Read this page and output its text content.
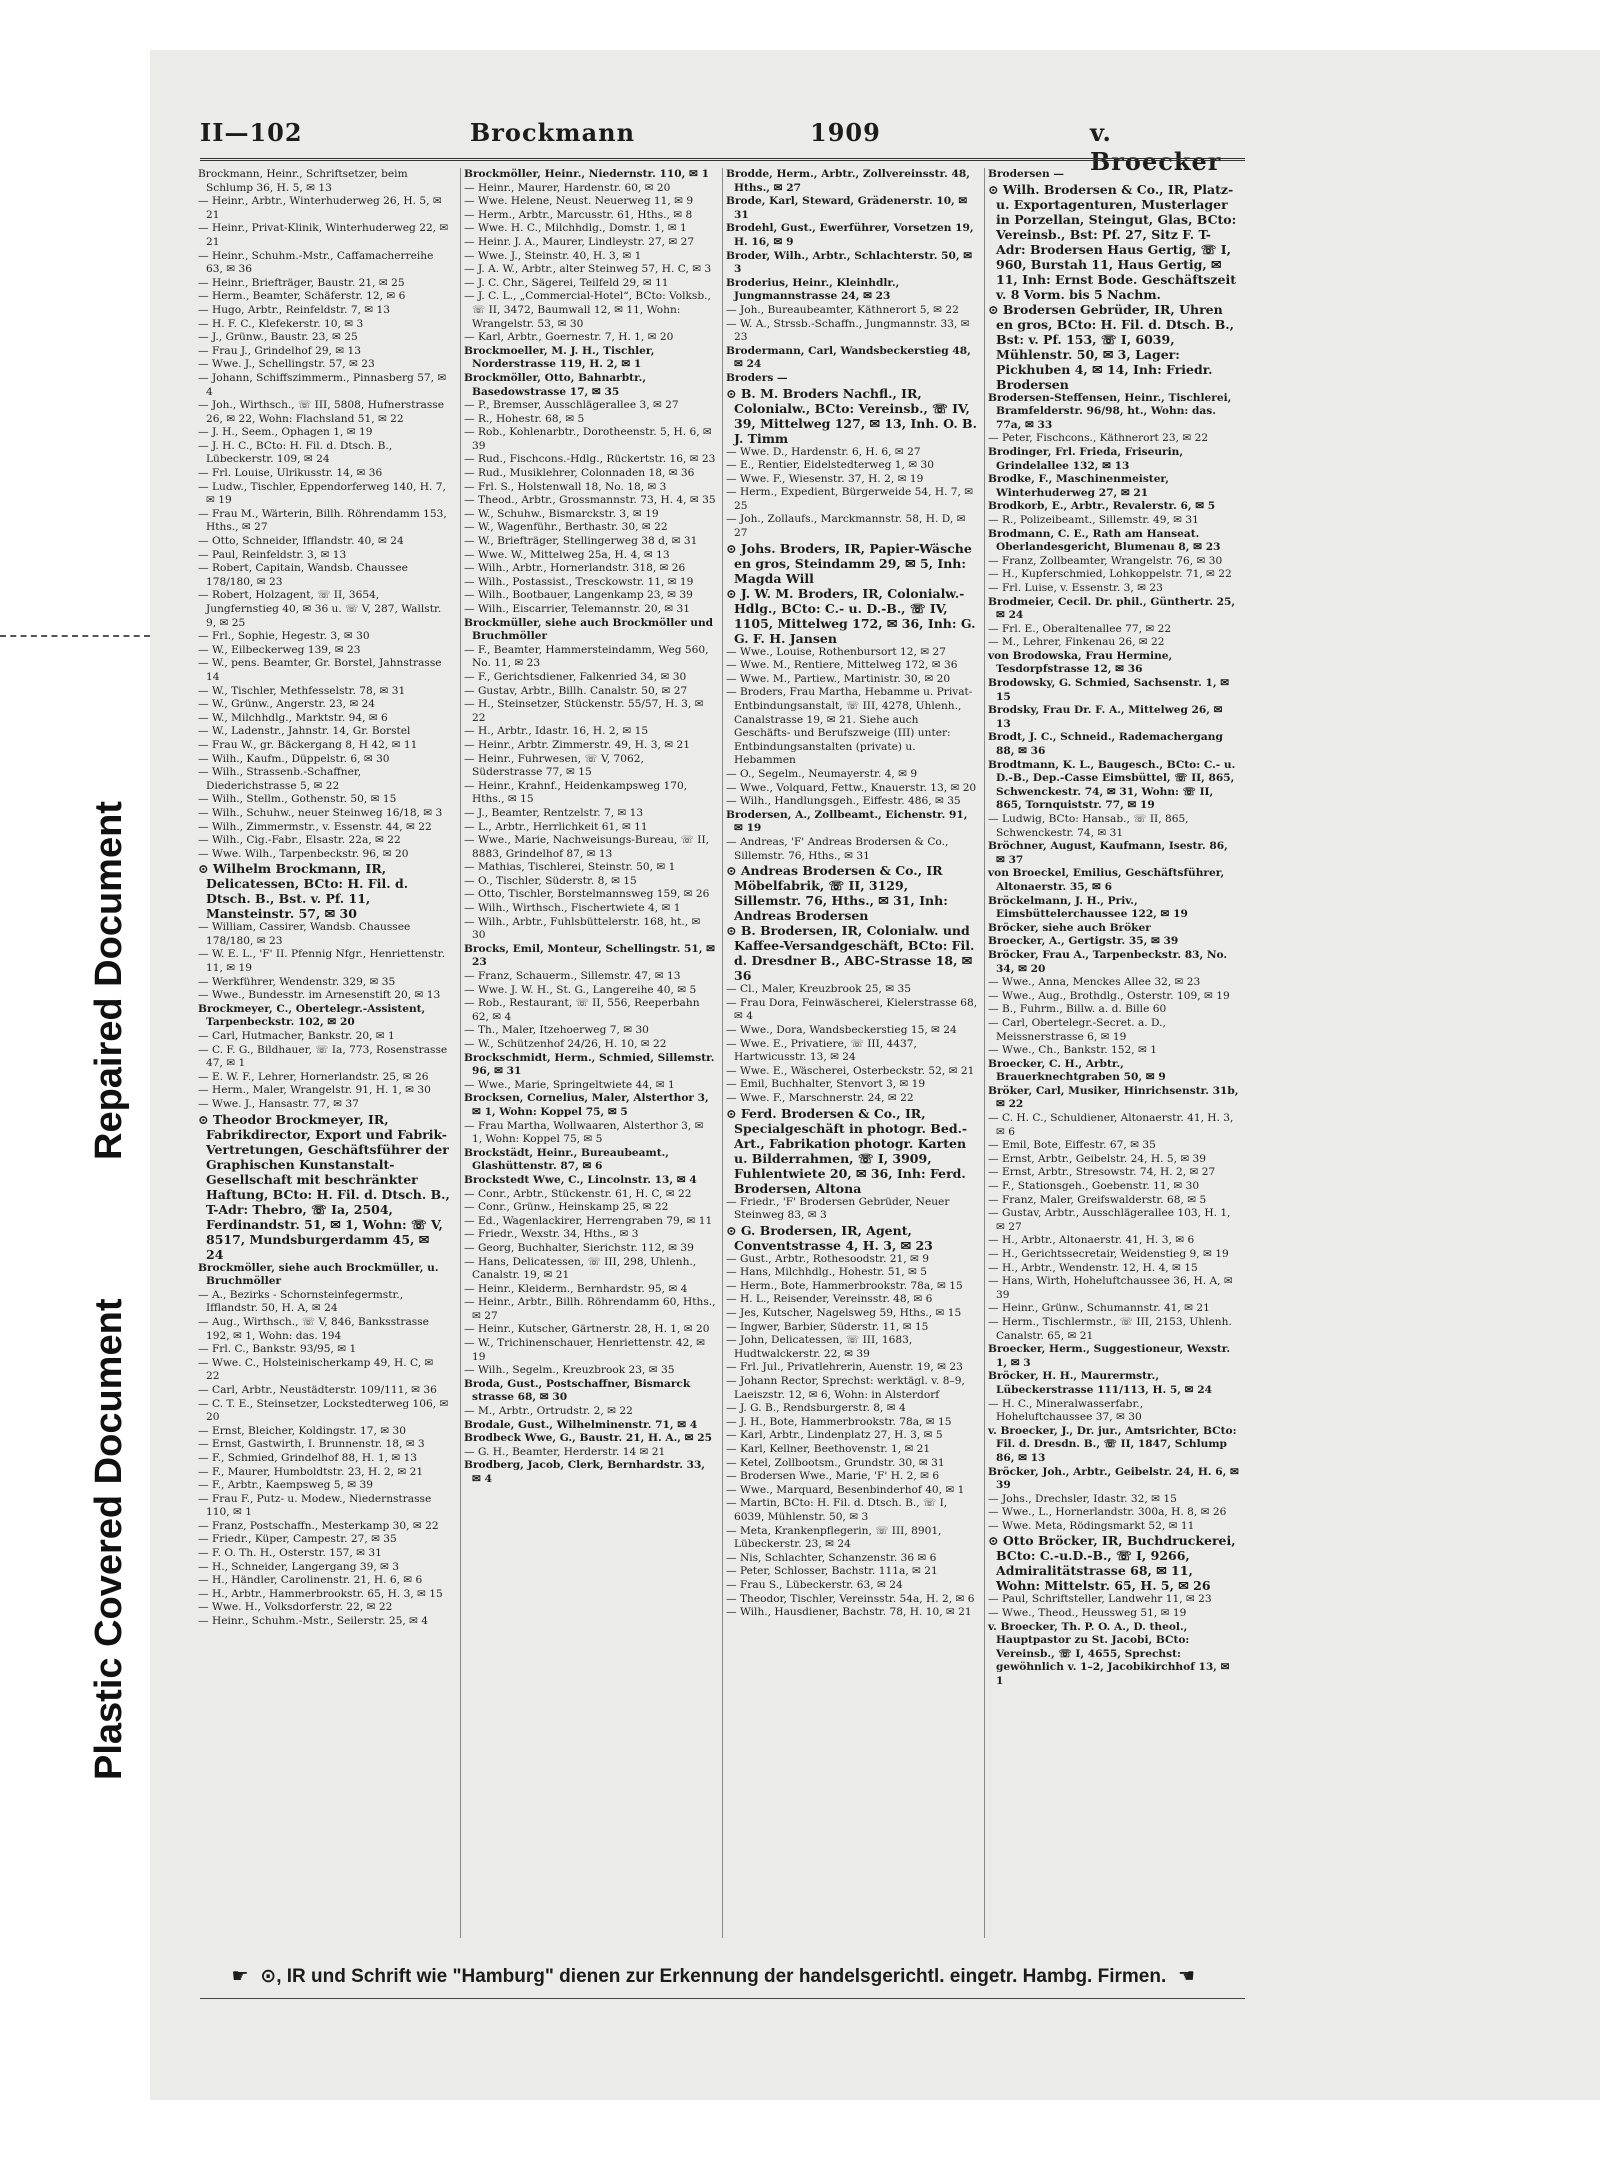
Repaired Document
Plastic Covered Document
II—102	Brockmann	1909	v. Broecker
Brockmann, Heinr., Schriftsetzer, beim Schlump 36, H. 5, ✉ 13
— Heinr., Arbtr., Winterhuderweg 26, H. 5, ✉ 21
— Heinr., Privat-Klinik, Winterhuderweg 22, ✉ 21
— Heinr., Schuhm.-Mstr., Caffamacherreihe 63, ✉ 36
— Heinr., Briefträger, Baustr. 21, ✉ 25
— Herm., Beamter, Schäferstr. 12, ✉ 6
— Hugo, Arbtr., Reinfeldstr. 7, ✉ 13
— H. F. C., Klefekerstr. 10, ✉ 3
— J., Grünw., Baustr. 23, ✉ 25
— Frau J., Grindelhof 29, ✉ 13
— Wwe. J., Schellingstr. 57, ✉ 23
— Johann, Schiffszimmerm., Pinnasberg 57, ✉ 4
— Joh., Wirthsch., ☏ III, 5808, Hufnerstrasse 26, ✉ 22, Wohn: Flachsland 51, ✉ 22
— J. H., Seem., Ophagen 1, ✉ 19
— J. H. C., BCto: H. Fil. d. Dtsch. B., Lübeckerstr. 109, ✉ 24
— Frl. Louise, Ulrikusstr. 14, ✉ 36
— Ludw., Tischler, Eppendorferweg 140, H. 7, ✉ 19
— Frau M., Wärterin, Billh. Röhrendamm 153, Hths., ✉ 27
— Otto, Schneider, Ifflandstr. 40, ✉ 24
— Paul, Reinfeldstr. 3, ✉ 13
— Robert, Capitain, Wandsb. Chaussee 178/180, ✉ 23
— Robert, Holzagent, ☏ II, 3654, Jungfernstieg 40, ✉ 36 u. ☏ V, 287, Wallstr. 9, ✉ 25
— Frl., Sophie, Hegestr. 3, ✉ 30
— W., Eilbeckerweg 139, ✉ 23
— W., pens. Beamter, Gr. Borstel, Jahnstrasse 14
— W., Tischler, Methfesselstr. 78, ✉ 31
— W., Grünw., Angerstr. 23, ✉ 24
— W., Milchhdlg., Marktstr. 94, ✉ 6
— W., Ladenstr., Jahnstr. 14, Gr. Borstel
— Frau W., gr. Bäckergang 8, H 42, ✉ 11
— Wilh., Kaufm., Düppelstr. 6, ✉ 30
— Wilh., Strassenb.-Schaffner, Diederichstrasse 5, ✉ 22
— Wilh., Stellm., Gothenstr. 50, ✉ 15
— Wilh., Schuhw., neuer Steinweg 16/18, ✉ 3
— Wilh., Zimmermstr., v. Essenstr. 44, ✉ 22
— Wilh., Cig.-Fabr., Elsastr. 22a, ✉ 22
— Wwe. Wilh., Tarpenbeckstr. 96, ✉ 20
⊙ Wilhelm Brockmann, IR, Delicatessen, BCto: H. Fil. d. Dtsch. B., Bst. v. Pf. 11, Mansteinstr. 57, ✉ 30
— William, Cassirer, Wandsb. Chaussee 178/180, ✉ 23
— W. E. L., 'F' II. Pfennig Nfgr., Henriettenstr. 11, ✉ 19
— Werkführer, Wendenstr. 329, ✉ 35
— Wwe., Bundesstr. im Arnesenstift 20, ✉ 13
Brockmeyer, C., Obertelegr.-Assistent, Tarpenbeckstr. 102, ✉ 20
— Carl, Hutmacher, Bankstr. 20, ✉ 1
— C. F. G., Bildhauer, ☏ Ia, 773, Rosenstrasse 47, ✉ 1
— E. W. F., Lehrer, Hornerlandstr. 25, ✉ 26
— Herm., Maler, Wrangelstr. 91, H. 1, ✉ 30
— Wwe. J., Hansastr. 77, ✉ 37
⊙ Theodor Brockmeyer, IR, Fabrikdirector, Export und Fabrik-Vertretungen, Geschäftsführer der Graphischen Kunstanstalt-Gesellschaft mit beschränkter Haftung, BCto: H. Fil. d. Dtsch. B., T-Adr: Thebro, ☏ Ia, 2504, Ferdinandstr. 51, ✉ 1, Wohn: ☏ V, 8517, Mundsburgerdamm 45, ✉ 24
Brockmöller, siehe auch Brockmüller, u. Bruchmöller
— A., Bezirks - Schornsteinfegermstr., Ifflandstr. 50, H. A, ✉ 24
— Aug., Wirthsch., ☏ V, 846, Banksstrasse 192, ✉ 1, Wohn: das. 194
— Frl. C., Bankstr. 93/95, ✉ 1
— Wwe. C., Holsteinischerkamp 49, H. C, ✉ 22
— Carl, Arbtr., Neustädterstr. 109/111, ✉ 36
— C. T. E., Steinsetzer, Lockstedterweg 106, ✉ 20
— Ernst, Bleicher, Koldingstr. 17, ✉ 30
— Ernst, Gastwirth, I. Brunnenstr. 18, ✉ 3
— F., Schmied, Grindelhof 88, H. 1, ✉ 13
— F., Maurer, Humboldtstr. 23, H. 2, ✉ 21
— F., Arbtr., Kaempsweg 5, ✉ 39
— Frau F., Putz- u. Modew., Niedernstrasse 110, ✉ 1
— Franz, Postschaffn., Mesterkamp 30, ✉ 22
— Friedr., Küper, Campestr. 27, ✉ 35
— F. O. Th. H., Osterstr. 157, ✉ 31
— H., Schneider, Langergang 39, ✉ 3
— H., Händler, Carolinenstr. 21, H. 6, ✉ 6
— H., Arbtr., Hammerbrookstr. 65, H. 3, ✉ 15
— Wwe. H., Volksdorferstr. 22, ✉ 22
— Heinr., Schuhm.-Mstr., Seilerstr. 25, ✉ 4
Brockmöller, Heinr., Niedernstr. 110, ✉ 1
— Heinr., Maurer, Hardenstr. 60, ✉ 20
— Wwe. Helene, Neust. Neuerweg 11, ✉ 9
— Herm., Arbtr., Marcusstr. 61, Hths., ✉ 8
— Wwe. H. C., Milchhdlg., Domstr. 1, ✉ 1
— Heinr. J. A., Maurer, Lindleystr. 27, ✉ 27
— Wwe. J., Steinstr. 40, H. 3, ✉ 1
— J. A. W., Arbtr., alter Steinweg 57, H. C, ✉ 3
— J. C. Chr., Sägerei, Teilfeld 29, ✉ 11
— J. C. L., „Commercial-Hotel“, BCto: Volksb., ☏ II, 3472, Baumwall 12, ✉ 11, Wohn: Wrangelstr. 53, ✉ 30
— Karl, Arbtr., Goernestr. 7, H. 1, ✉ 20
Brockmoeller, M. J. H., Tischler, Norderstrasse 119, H. 2, ✉ 1
Brockmöller, Otto, Bahnarbtr., Basedowstrasse 17, ✉ 35
— P., Bremser, Ausschlägerallee 3, ✉ 27
— R., Hohestr. 68, ✉ 5
— Rob., Kohlenarbtr., Dorotheenstr. 5, H. 6, ✉ 39
— Rud., Fischcons.-Hdlg., Rückertstr. 16, ✉ 23
— Rud., Musiklehrer, Colonnaden 18, ✉ 36
— Frl. S., Holstenwall 18, No. 18, ✉ 3
— Theod., Arbtr., Grossmannstr. 73, H. 4, ✉ 35
— W., Schuhw., Bismarckstr. 3, ✉ 19
— W., Wagenführ., Berthastr. 30, ✉ 22
— W., Briefträger, Stellingerweg 38 d, ✉ 31
— Wwe. W., Mittelweg 25a, H. 4, ✉ 13
— Wilh., Arbtr., Hornerlandstr. 318, ✉ 26
— Wilh., Postassist., Tresckowstr. 11, ✉ 19
— Wilh., Bootbauer, Langenkamp 23, ✉ 39
— Wilh., Eiscarrier, Telemannstr. 20, ✉ 31
Brockmüller, siehe auch Brockmöller und Bruchmöller
— F., Beamter, Hammersteindamm, Weg 560, No. 11, ✉ 23
— F., Gerichtsdiener, Falkenried 34, ✉ 30
— Gustav, Arbtr., Billh. Canalstr. 50, ✉ 27
— H., Steinsetzer, Stückenstr. 55/57, H. 3, ✉ 22
— H., Arbtr., Idastr. 16, H. 2, ✉ 15
— Heinr., Arbtr. Zimmerstr. 49, H. 3, ✉ 21
— Heinr., Fuhrwesen, ☏ V, 7062, Süderstrasse 77, ✉ 15
— Heinr., Krahnf., Heidenkampsweg 170, Hths., ✉ 15
— J., Beamter, Rentzelstr. 7, ✉ 13
— L., Arbtr., Herrlichkeit 61, ✉ 11
— Wwe., Marie, Nachweisungs-Bureau, ☏ II, 8883, Grindelhof 87, ✉ 13
— Mathias, Tischlerei, Steinstr. 50, ✉ 1
— O., Tischler, Süderstr. 8, ✉ 15
— Otto, Tischler, Borstelmannsweg 159, ✉ 26
— Wilh., Wirthsch., Fischertwiete 4, ✉ 1
— Wilh., Arbtr., Fuhlsbüttelerstr. 168, ht., ✉ 30
Brocks, Emil, Monteur, Schellingstr. 51, ✉ 23
— Franz, Schauerm., Sillemstr. 47, ✉ 13
— Wwe. J. W. H., St. G., Langereihe 40, ✉ 5
— Rob., Restaurant, ☏ II, 556, Reeperbahn 62, ✉ 4
— Th., Maler, Itzehoerweg 7, ✉ 30
— W., Schützenhof 24/26, H. 10, ✉ 22
Brockschmidt, Herm., Schmied, Sillemstr. 96, ✉ 31
— Wwe., Marie, Springeltwiete 44, ✉ 1
Brocksen, Cornelius, Maler, Alsterthor 3, ✉ 1, Wohn: Koppel 75, ✉ 5
— Frau Martha, Wollwaaren, Alsterthor 3, ✉ 1, Wohn: Koppel 75, ✉ 5
Brockstädt, Heinr., Bureaubeamt., Glashüttenstr. 87, ✉ 6
Brockstedt Wwe, C., Lincolnstr. 13, ✉ 4
— Conr., Arbtr., Stückenstr. 61, H. C, ✉ 22
— Conr., Grünw., Heinskamp 25, ✉ 22
— Ed., Wagenlackirer, Herrengraben 79, ✉ 11
— Friedr., Wexstr. 34, Hths., ✉ 3
— Georg, Buchhalter, Sierichstr. 112, ✉ 39
— Hans, Delicatessen, ☏ III, 298, Uhlenh., Canalstr. 19, ✉ 21
— Heinr., Kleiderm., Bernhardstr. 95, ✉ 4
— Heinr., Arbtr., Billh. Röhrendamm 60, Hths., ✉ 27
— Heinr., Kutscher, Gärtnerstr. 28, H. 1, ✉ 20
— W., Trichinenschauer, Henriettenstr. 42, ✉ 19
— Wilh., Segelm., Kreuzbrook 23, ✉ 35
Broda, Gust., Postschaffner, Bismarck strasse 68, ✉ 30
— M., Arbtr., Ortrudstr. 2, ✉ 22
Brodale, Gust., Wilhelminenstr. 71, ✉ 4
Brodbeck Wwe, G., Baustr. 21, H. A., ✉ 25
— G. H., Beamter, Herderstr. 14 ✉ 21
Brodberg, Jacob, Clerk, Bernhardstr. 33, ✉ 4
Brodde, Herm., Arbtr., Zollvereinsstr. 48, Hths., ✉ 27
Brode, Karl, Steward, Grädenerstr. 10, ✉ 31
Brodehl, Gust., Ewerführer, Vorsetzen 19, H. 16, ✉ 9
Broder, Wilh., Arbtr., Schlachterstr. 50, ✉ 3
Broderius, Heinr., Kleinhdlr., Jungmannstrasse 24, ✉ 23
— Joh., Bureaubeamter, Käthnerort 5, ✉ 22
— W. A., Strssb.-Schaffn., Jungmannstr. 33, ✉ 23
Brodermann, Carl, Wandsbeckerstieg 48, ✉ 24
Broders —
⊙ B. M. Broders Nachfl., IR, Colonialw., BCto: Vereinsb., ☏ IV, 39, Mittelweg 127, ✉ 13, Inh. O. B. J. Timm
— Wwe. D., Hardenstr. 6, H. 6, ✉ 27
— E., Rentier, Eidelstedterweg 1, ✉ 30
— Wwe. F., Wiesenstr. 37, H. 2, ✉ 19
— Herm., Expedient, Bürgerweide 54, H. 7, ✉ 25
— Joh., Zollaufs., Marckmannstr. 58, H. D, ✉ 27
⊙ Johs. Broders, IR, Papier-Wäsche en gros, Steindamm 29, ✉ 5, Inh: Magda Will
⊙ J. W. M. Broders, IR, Colonialw.-Hdlg., BCto: C.- u. D.-B., ☏ IV, 1105, Mittelweg 172, ✉ 36, Inh: G. G. F. H. Jansen
— Wwe., Louise, Rothenbursort 12, ✉ 27
— Wwe. M., Rentiere, Mittelweg 172, ✉ 36
— Wwe. M., Partiew., Martinistr. 30, ✉ 20
— Broders, Frau Martha, Hebamme u. Privat-Entbindungsanstalt, ☏ III, 4278, Uhlenh., Canalstrasse 19, ✉ 21. Siehe auch Geschäfts- und Berufszweige (III) unter: Entbindungsanstalten (private) u. Hebammen
— O., Segelm., Neumayerstr. 4, ✉ 9
— Wwe., Volquard, Fettw., Knauerstr. 13, ✉ 20
— Wilh., Handlungsgeh., Eiffestr. 486, ✉ 35
Brodersen, A., Zollbeamt., Eichenstr. 91, ✉ 19
— Andreas, 'F' Andreas Brodersen & Co., Sillemstr. 76, Hths., ✉ 31
⊙ Andreas Brodersen & Co., IR Möbelfabrik, ☏ II, 3129, Sillemstr. 76, Hths., ✉ 31, Inh: Andreas Brodersen
⊙ B. Brodersen, IR, Colonialw. und Kaffee-Versandgeschäft, BCto: Fil. d. Dresdner B., ABC-Strasse 18, ✉ 36
— Cl., Maler, Kreuzbrook 25, ✉ 35
— Frau Dora, Feinwäscherei, Kielerstrasse 68, ✉ 4
— Wwe., Dora, Wandsbeckerstieg 15, ✉ 24
— Wwe. E., Privatiere, ☏ III, 4437, Hartwicusstr. 13, ✉ 24
— Wwe. E., Wäscherei, Osterbeckstr. 52, ✉ 21
— Emil, Buchhalter, Stenvort 3, ✉ 19
— Wwe. F., Marschnerstr. 24, ✉ 22
⊙ Ferd. Brodersen & Co., IR, Specialgeschäft in photogr. Bed.-Art., Fabrikation photogr. Karten u. Bilderrahmen, ☏ I, 3909, Fuhlentwiete 20, ✉ 36, Inh: Ferd. Brodersen, Altona
— Friedr., 'F' Brodersen Gebrüder, Neuer Steinweg 83, ✉ 3
⊙ G. Brodersen, IR, Agent, Conventstrasse 4, H. 3, ✉ 23
— Gust., Arbtr., Rothesoodstr. 21, ✉ 9
— Hans, Milchhdlg., Hohestr. 51, ✉ 5
— Herm., Bote, Hammerbrookstr. 78a, ✉ 15
— H. L., Reisender, Vereinsstr. 48, ✉ 6
— Jes, Kutscher, Nagelsweg 59, Hths., ✉ 15
— Ingwer, Barbier, Süderstr. 11, ✉ 15
— John, Delicatessen, ☏ III, 1683, Hudtwalckerstr. 22, ✉ 39
— Frl. Jul., Privatlehrerin, Auenstr. 19, ✉ 23
— Johann Rector, Sprechst: werktägl. v. 8–9, Laeiszstr. 12, ✉ 6, Wohn: in Alsterdorf
— J. G. B., Rendsburgerstr. 8, ✉ 4
— J. H., Bote, Hammerbrookstr. 78a, ✉ 15
— Karl, Arbtr., Lindenplatz 27, H. 3, ✉ 5
— Karl, Kellner, Beethovenstr. 1, ✉ 21
— Ketel, Zollbootsm., Grundstr. 30, ✉ 31
— Brodersen Wwe., Marie, 'F' H. 2, ✉ 6
— Wwe., Marquard, Besenbinderhof 40, ✉ 1
— Martin, BCto: H. Fil. d. Dtsch. B., ☏ I, 6039, Mühlenstr. 50, ✉ 3
— Meta, Krankenpflegerin, ☏ III, 8901, Lübeckerstr. 23, ✉ 24
— Nis, Schlachter, Schanzenstr. 36 ✉ 6
— Peter, Schlosser, Bachstr. 111a, ✉ 21
— Frau S., Lübeckerstr. 63, ✉ 24
— Theodor, Tischler, Vereinsstr. 54a, H. 2, ✉ 6
— Wilh., Hausdiener, Bachstr. 78, H. 10, ✉ 21
Brodersen —
⊙ Wilh. Brodersen & Co., IR, Platz- u. Exportagenturen, Musterlager in Porzellan, Steingut, Glas, BCto: Vereinsb., Bst: Pf. 27, Sitz F. T-Adr: Brodersen Haus Gertig, ☏ I, 960, Burstah 11, Haus Gertig, ✉ 11, Inh: Ernst Bode. Geschäftszeit v. 8 Vorm. bis 5 Nachm.
⊙ Brodersen Gebrüder, IR, Uhren en gros, BCto: H. Fil. d. Dtsch. B., Bst: v. Pf. 153, ☏ I, 6039, Mühlenstr. 50, ✉ 3, Lager: Pickhuben 4, ✉ 14, Inh: Friedr. Brodersen
Brodersen-Steffensen, Heinr., Tischlerei, Bramfelderstr. 96/98, ht., Wohn: das. 77a, ✉ 33
— Peter, Fischcons., Käthnerort 23, ✉ 22
Brodinger, Frl. Frieda, Friseurin, Grindelallee 132, ✉ 13
Brodke, F., Maschinenmeister, Winterhuderweg 27, ✉ 21
Brodkorb, E., Arbtr., Revalerstr. 6, ✉ 5
— R., Polizeibeamt., Sillemstr. 49, ✉ 31
Brodmann, C. E., Rath am Hanseat. Oberlandesgericht, Blumenau 8, ✉ 23
— Franz, Zollbeamter, Wrangelstr. 76, ✉ 30
— H., Kupferschmied, Lohkoppelstr. 71, ✉ 22
— Frl. Luise, v. Essenstr. 3, ✉ 23
Brodmeier, Cecil. Dr. phil., Günthertr. 25, ✉ 24
— Frl. E., Oberaltenallee 77, ✉ 22
— M., Lehrer, Finkenau 26, ✉ 22
von Brodowska, Frau Hermine, Tesdorpfstrasse 12, ✉ 36
Brodowsky, G. Schmied, Sachsenstr. 1, ✉ 15
Brodsky, Frau Dr. F. A., Mittelweg 26, ✉ 13
Brodt, J. C., Schneid., Rademachergang 88, ✉ 36
Brodtmann, K. L., Baugesch., BCto: C.- u. D.-B., Dep.-Casse Eimsbüttel, ☏ II, 865, Schwenckestr. 74, ✉ 31, Wohn: ☏ II, 865, Tornquiststr. 77, ✉ 19
— Ludwig, BCto: Hansab., ☏ II, 865, Schwenckestr. 74, ✉ 31
Bröchner, August, Kaufmann, Isestr. 86, ✉ 37
von Broeckel, Emilius, Geschäftsführer, Altonaerstr. 35, ✉ 6
Bröckelmann, J. H., Priv., Eimsbüttelerchaussee 122, ✉ 19
Bröcker, siehe auch Bröker
Broecker, A., Gertigstr. 35, ✉ 39
Bröcker, Frau A., Tarpenbeckstr. 83, No. 34, ✉ 20
— Wwe., Anna, Menckes Allee 32, ✉ 23
— Wwe., Aug., Brothdlg., Osterstr. 109, ✉ 19
— B., Fuhrm., Billw. a. d. Bille 60
— Carl, Obertelegr.-Secret. a. D., Meissnerstrasse 6, ✉ 19
— Wwe., Ch., Bankstr. 152, ✉ 1
Broecker, C. H., Arbtr., Brauerknechtgraben 50, ✉ 9
Bröker, Carl, Musiker, Hinrichsenstr. 31b, ✉ 22
— C. H. C., Schuldiener, Altonaerstr. 41, H. 3, ✉ 6
— Emil, Bote, Eiffestr. 67, ✉ 35
— Ernst, Arbtr., Geibelstr. 24, H. 5, ✉ 39
— Ernst, Arbtr., Stresowstr. 74, H. 2, ✉ 27
— F., Stationsgeh., Goebenstr. 11, ✉ 30
— Franz, Maler, Greifswalderstr. 68, ✉ 5
— Gustav, Arbtr., Ausschlägerallee 103, H. 1, ✉ 27
— H., Arbtr., Altonaerstr. 41, H. 3, ✉ 6
— H., Gerichtssecretair, Weidenstieg 9, ✉ 19
— H., Arbtr., Wendenstr. 12, H. 4, ✉ 15
— Hans, Wirth, Hoheluftchaussee 36, H. A, ✉ 39
— Heinr., Grünw., Schumannstr. 41, ✉ 21
— Herm., Tischlermstr., ☏ III, 2153, Uhlenh. Canalstr. 65, ✉ 21
Broecker, Herm., Suggestioneur, Wexstr. 1, ✉ 3
Bröcker, H. H., Maurermstr., Lübeckerstrasse 111/113, H. 5, ✉ 24
— H. C., Mineralwasserfabr., Hoheluftchaussee 37, ✉ 30
v. Broecker, J., Dr. jur., Amtsrichter, BCto: Fil. d. Dresdn. B., ☏ II, 1847, Schlump 86, ✉ 13
Bröcker, Joh., Arbtr., Geibelstr. 24, H. 6, ✉ 39
— Johs., Drechsler, Idastr. 32, ✉ 15
— Wwe., L., Hornerlandstr. 300a, H. 8, ✉ 26
— Wwe. Meta, Rödingsmarkt 52, ✉ 11
⊙ Otto Bröcker, IR, Buchdruckerei, BCto: C.-u.D.-B., ☏ I, 9266, Admiralitätstrasse 68, ✉ 11, Wohn: Mittelstr. 65, H. 5, ✉ 26
— Paul, Schriftsteller, Landwehr 11, ✉ 23
— Wwe., Theod., Heussweg 51, ✉ 19
v. Broecker, Th. P. O. A., D. theol., Hauptpastor zu St. Jacobi, BCto: Vereinsb., ☏ I, 4655, Sprechst: gewöhnlich v. 1–2, Jacobikirchhof 13, ✉ 1
☛ ⊙, IR und Schrift wie "Hamburg" dienen zur Erkennung der handelsgerichtl. eingetr. Hambg. Firmen. ☚
